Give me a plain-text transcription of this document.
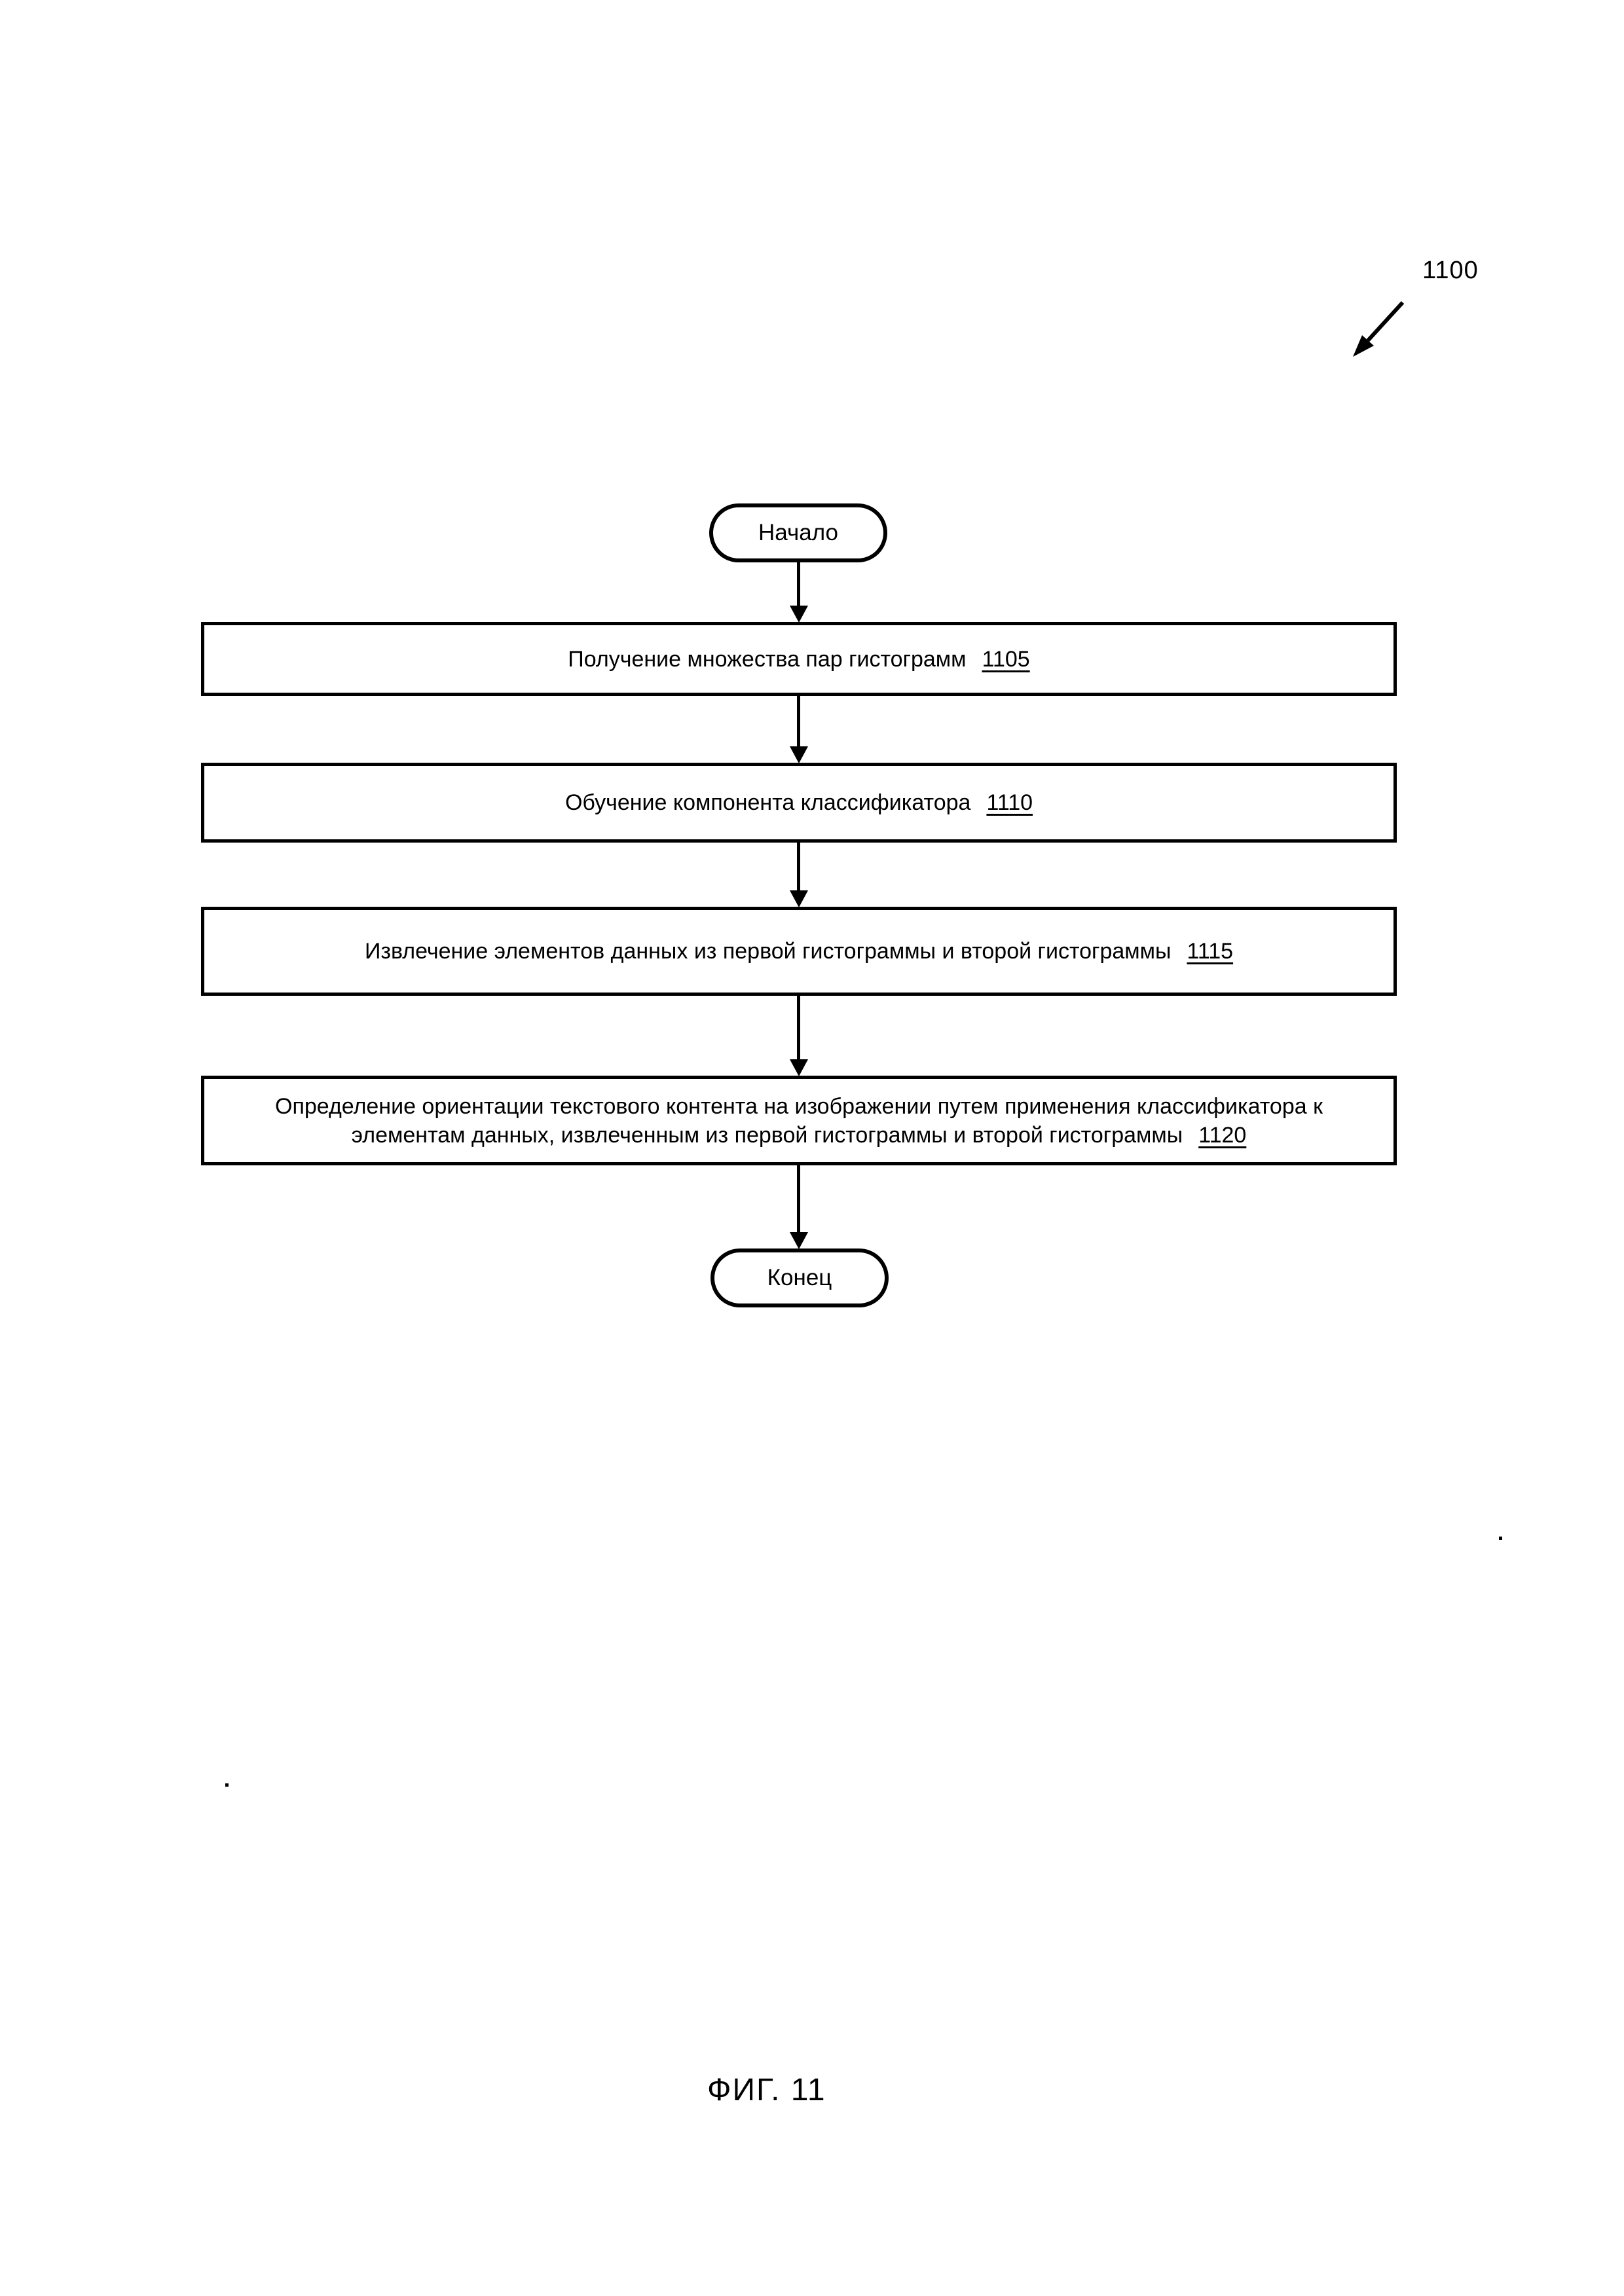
1100
Начало

Получение множества пар гистограмм 1105

Обучение компонента классификатора 1110

Извлечение элементов данных из первой гистограммы и второй гистограммы 1115

Определение ориентации текстового контента на изображении путем применения классификатора к элементам данных, извлеченным из первой гистограммы и второй гистограммы 1120

Конец
ФИГ. 11
